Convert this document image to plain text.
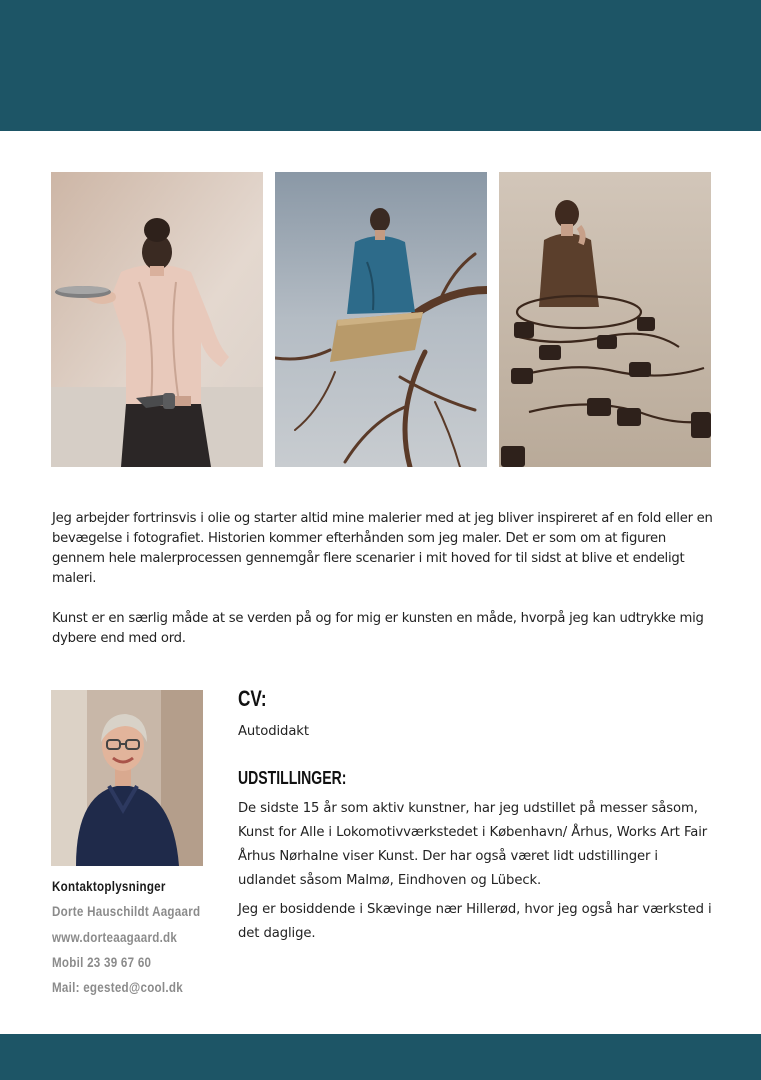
Jeg arbejder fortrinsvis i olie og starter altid mine malerier med at jeg bliver inspireret af en fold eller en bevægelse i fotografiet. Historien kommer efterhånden som jeg maler. Det er som om at figuren gennem hele malerprocessen gennemgår flere scenarier i mit hoved for til sidst at blive et endeligt maleri.

Kunst er en særlig måde at se verden på og for mig er kunsten en måde, hvorpå jeg kan udtrykke mig dybere end med ord.

Kontaktoplysninger
Dorte Hauschildt Aagaard
www.dorteaagaard.dk
Mobil 23 39 67 60
Mail: egested@cool.dk
CV:

Autodidakt

UDSTILLINGER:

De sidste 15 år som aktiv kunstner, har jeg udstillet på messer såsom, Kunst for Alle i Lokomotivværkstedet i København/ Århus, Works Art Fair Århus Nørhalne viser Kunst. Der har også været lidt udstillinger i udlandet såsom Malmø, Eindhoven og Lübeck.

Jeg er bosiddende i Skævinge nær Hillerød, hvor jeg også har værksted i det daglige.
